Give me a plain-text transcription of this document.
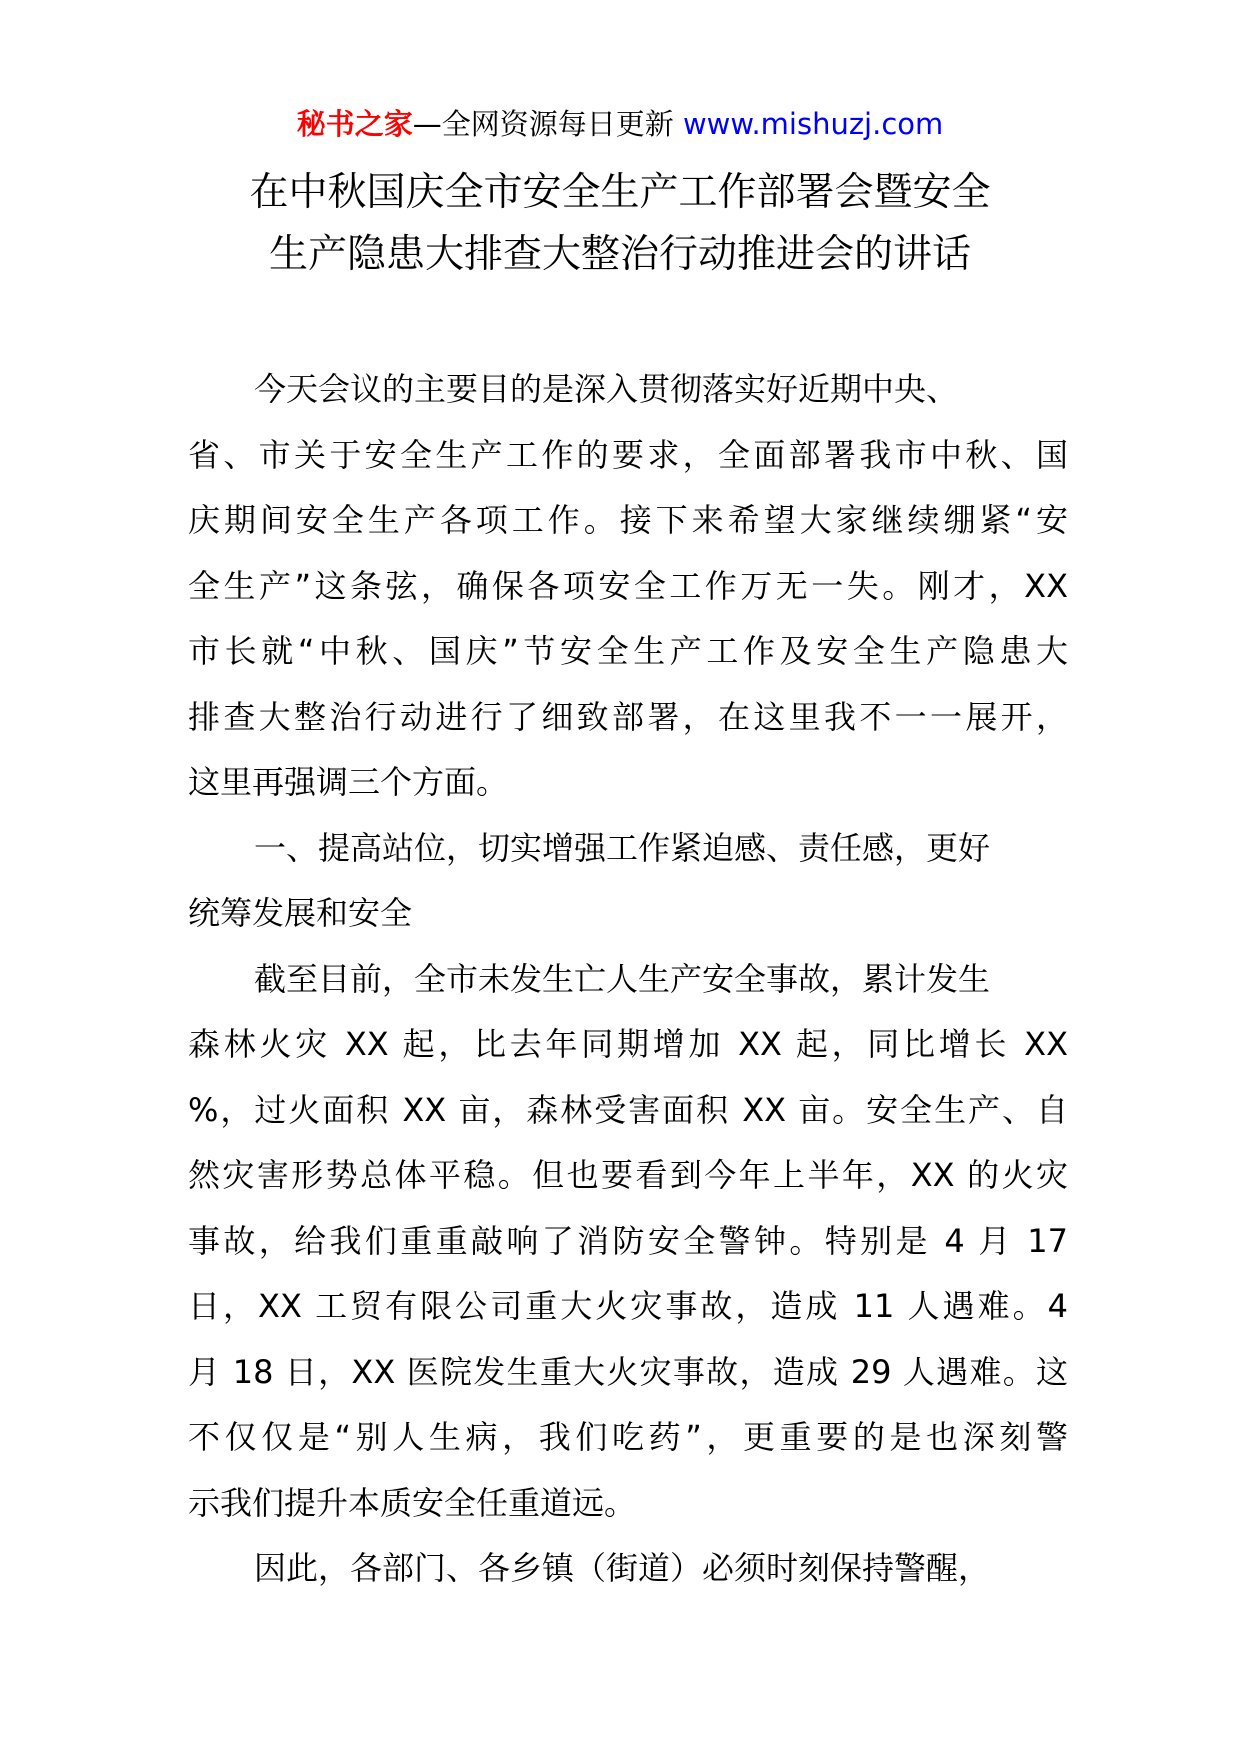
秘书之家—全网资源每日更新 www.mishuzj.com
在中秋国庆全市安全生产工作部署会暨安全
生产隐患大排查大整治行动推进会的讲话
今天会议的主要目的是深入贯彻落实好近期中央、
省、市关于安全生产工作的要求，全面部署我市中秋、国
庆期间安全生产各项工作。接下来希望大家继续绷紧“安
全生产”这条弦，确保各项安全工作万无一失。刚才，XX
市长就“中秋、国庆”节安全生产工作及安全生产隐患大
排查大整治行动进行了细致部署，在这里我不一一展开，
这里再强调三个方面。
一、提高站位，切实增强工作紧迫感、责任感，更好
统筹发展和安全
截至目前，全市未发生亡人生产安全事故，累计发生
森林火灾 XX 起，比去年同期增加 XX 起，同比增长 XX
%，过火面积 XX 亩，森林受害面积 XX 亩。安全生产、自
然灾害形势总体平稳。但也要看到今年上半年，XX 的火灾
事故，给我们重重敲响了消防安全警钟。特别是 4 月 17
日，XX 工贸有限公司重大火灾事故，造成 11 人遇难。4
月 18 日，XX 医院发生重大火灾事故，造成 29 人遇难。这
不仅仅是“别人生病，我们吃药”，更重要的是也深刻警
示我们提升本质安全任重道远。
因此，各部门、各乡镇（街道）必须时刻保持警醒，
